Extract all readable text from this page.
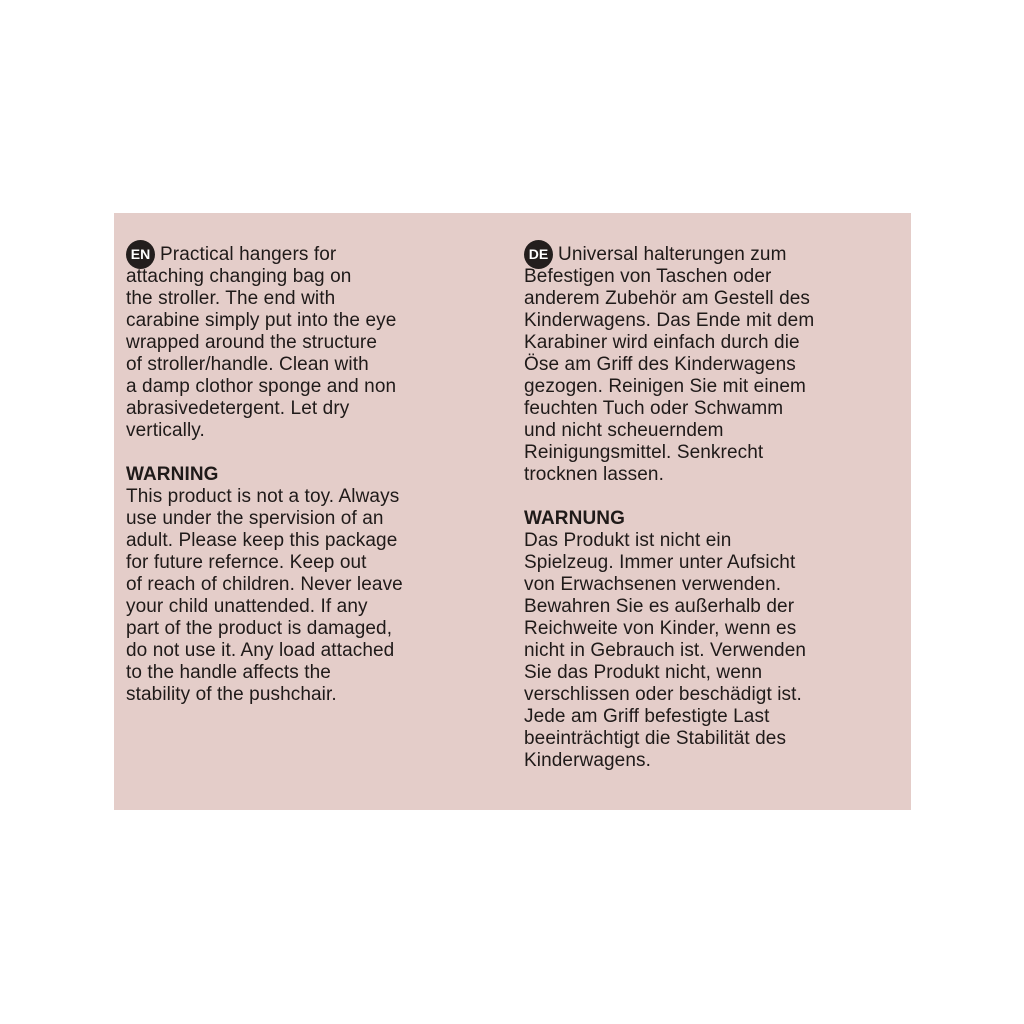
EN Practical hangers for
attaching changing bag on
the stroller. The end with
carabine simply put into the eye
wrapped around the structure
of stroller/handle. Clean with
a damp clothor sponge and non
abrasivedetergent. Let dry
vertically.
WARNING
This product is not a toy. Always
use under the spervision of an
adult. Please keep this package
for future refernce. Keep out
of reach of children. Never leave
your child unattended. If any
part of the product is damaged,
do not use it. Any load attached
to the handle affects the
stability of the pushchair.
DE Universal halterungen zum
Befestigen von Taschen oder
anderem Zubehör am Gestell des
Kinderwagens. Das Ende mit dem
Karabiner wird einfach durch die
Öse am Griff des Kinderwagens
gezogen. Reinigen Sie mit einem
feuchten Tuch oder Schwamm
und nicht scheuerndem
Reinigungsmittel. Senkrecht
trocknen lassen.
WARNUNG
Das Produkt ist nicht ein
Spielzeug. Immer unter Aufsicht
von Erwachsenen verwenden.
Bewahren Sie es außerhalb der
Reichweite von Kinder, wenn es
nicht in Gebrauch ist. Verwenden
Sie das Produkt nicht, wenn
verschlissen oder beschädigt ist.
Jede am Griff befestigte Last
beeinträchtigt die Stabilität des
Kinderwagens.
